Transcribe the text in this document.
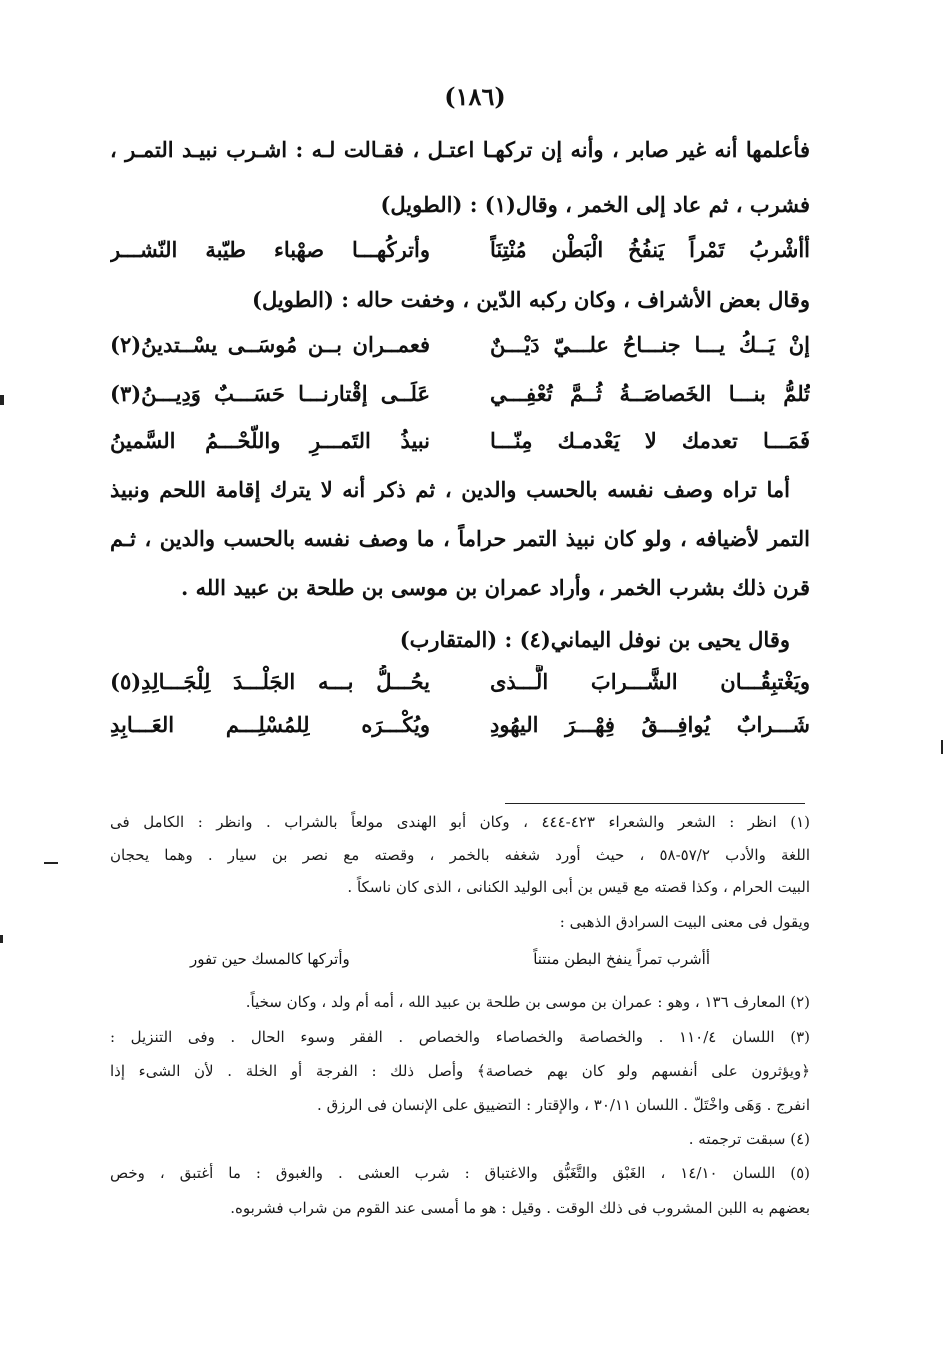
(١٨٦)
فأعلمها أنه غير صابر ، وأنه إن تركهـا اعتـل ، فقـالت لـه : اشـرب نبيـد التمـر ،
فشرب ، ثم عاد إلى الخمر ، وقال(١) : (الطويل)
أأشْربُ تَمْراً يَنفُخُ الْبَطْن مُنْتِنَاً
وأتركُهـــا صهْباء طيّبة النّشـــر
وقال بعض الأشراف ، وكان ركبه الدّين ، وخفت حاله : (الطويل)
إنْ يَــكُ يـــا جنـــاحُ علـــيّ دَيْـــنٌ
فعمــران بــن مُوسَــى يسْــتدينُ(٢)
تُلمُّ بنـــا الخَصاصَــةُ ثُــمَّ تُعْفِـــي
عَلَــى إقْتارنـــا حَسَـــبٌ وَدِيـــنُ(٣)
فَمَـــا تعدمك لا يَعْدمـك مِنّـــا
نبيذُ التَمـــرِ واللّحْـــمُ السَّمينُ
أما تراه وصف نفسه بالحسب والدين ، ثم ذكر أنه لا يترك إقامة اللحم ونبيذ
التمر لأضيافه ، ولو كان نبيذ التمر حراماً ، ما وصف نفسه بالحسب والدين ، ثـم
قرن ذلك بشرب الخمر ، وأراد عمران بن موسى بن طلحة بن عبيد الله .
وقال يحيى بن نوفل اليماني(٤) : (المتقارب)
ويَغْتبِقُـــان الشَّـــرابَ الَّـــذى
يحُـــلُّ بـــه الجَلْـــدَ لِلْجَـــالِدِ(٥)
شَـــرابٌ يُوافِـــقُ فِهْـــرَ اليهُودِ
ويُكْـــرَه لِلمُسْلِـــم العَـــابِدِ
(١) انظر : الشعر والشعراء ٤٢٣-٤٤٤ ، وكان أبو الهندى مولعاً بالشراب . وانظر : الكامل فى
اللغة والأدب ٥٧/٢-٥٨ ، حيث أورد شغفه بالخمر ، وقصته مع نصر بن سيار . وهما يحجان
البيت الحرام ، وكذا قصته مع قيس بن أبى الوليد الكنانى ، الذى كان ناسكاً .
ويقول فى معنى البيت السرادق الذهبى :
أأشرب تمراً ينفخ البطن منتناً
وأتركها كالمسك حين تفور
(٢) المعارف ١٣٦ ، وهو : عمران بن موسى بن طلحة بن عبيد الله ، أمه أم ولد ، وكان سخياً.
(٣) اللسان ١١٠/٤ . والخصاصة والخصاصاء والخصاص . الفقر وسوء الحال . وفى التنزيل :
﴿ويؤثرون على أنفسهم ولو كان بهم خصاصة﴾ وأصل ذلك : الفرجة أو الخلة . لأن الشىء إذا
انفرج . وَهَى واخْتَلّ . اللسان ٣٠/١١ ، والإقتار : التضييق على الإنسان فى الرزق .
(٤) سبقت ترجمته .
(٥) اللسان ١٤/١٠ ، الغَبْق والتَّغَبُّق والاغتباق : شرب العشى . والغبوق : ما أغتبق ، وخص
بعضهم به اللبن المشروب فى ذلك الوقت . وقيل : هو ما أمسى عند القوم من شراب فشربوه.
